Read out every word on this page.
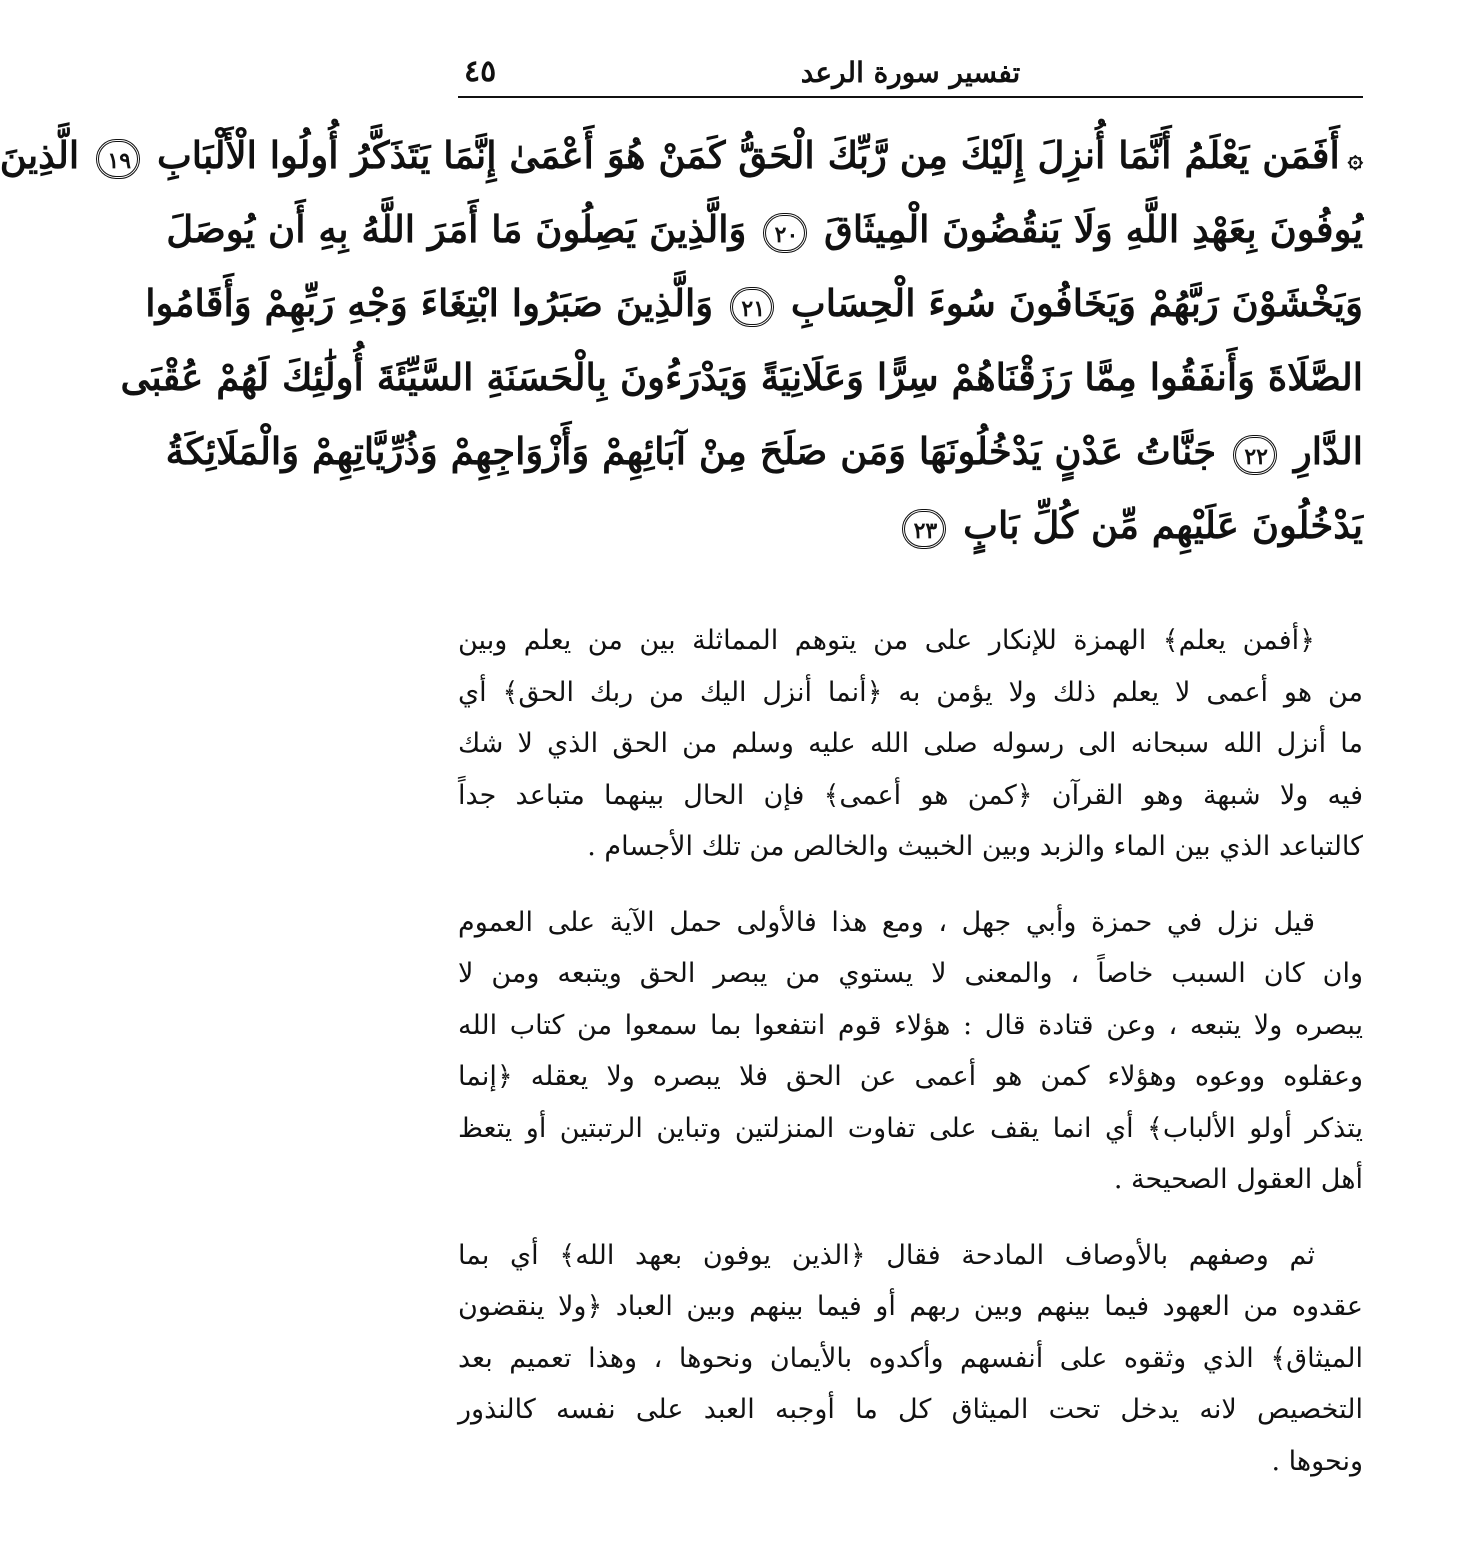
تفسير سورة الرعد
٤٥
۞أَفَمَن يَعْلَمُ أَنَّمَا أُنزِلَ إِلَيْكَ مِن رَّبِّكَ الْحَقُّ كَمَنْ هُوَ أَعْمَىٰ إِنَّمَا يَتَذَكَّرُ أُولُوا الْأَلْبَابِ ١٩ الَّذِينَ
يُوفُونَ بِعَهْدِ اللَّهِ وَلَا يَنقُضُونَ الْمِيثَاقَ ٢٠ وَالَّذِينَ يَصِلُونَ مَا أَمَرَ اللَّهُ بِهِ أَن يُوصَلَ
وَيَخْشَوْنَ رَبَّهُمْ وَيَخَافُونَ سُوءَ الْحِسَابِ ٢١ وَالَّذِينَ صَبَرُوا ابْتِغَاءَ وَجْهِ رَبِّهِمْ وَأَقَامُوا
الصَّلَاةَ وَأَنفَقُوا مِمَّا رَزَقْنَاهُمْ سِرًّا وَعَلَانِيَةً وَيَدْرَءُونَ بِالْحَسَنَةِ السَّيِّئَةَ أُولَٰئِكَ لَهُمْ عُقْبَى
الدَّارِ ٢٢ جَنَّاتُ عَدْنٍ يَدْخُلُونَهَا وَمَن صَلَحَ مِنْ آبَائِهِمْ وَأَزْوَاجِهِمْ وَذُرِّيَّاتِهِمْ وَالْمَلَائِكَةُ
يَدْخُلُونَ عَلَيْهِم مِّن كُلِّ بَابٍ ٢٣
﴿أفمن يعلم﴾ الهمزة للإنكار على من يتوهم المماثلة بين من يعلم وبين
من هو أعمى لا يعلم ذلك ولا يؤمن به ﴿أنما أنزل اليك من ربك الحق﴾ أي
ما أنزل الله سبحانه الى رسوله صلى الله عليه وسلم من الحق الذي لا شك
فيه ولا شبهة وهو القرآن ﴿كمن هو أعمى﴾ فإن الحال بينهما متباعد جداً
كالتباعد الذي بين الماء والزبد وبين الخبيث والخالص من تلك الأجسام .
قيل نزل في حمزة وأبي جهل ، ومع هذا فالأولى حمل الآية على العموم
وان كان السبب خاصاً ، والمعنى لا يستوي من يبصر الحق ويتبعه ومن لا
يبصره ولا يتبعه ، وعن قتادة قال : هؤلاء قوم انتفعوا بما سمعوا من كتاب الله
وعقلوه ووعوه وهؤلاء كمن هو أعمى عن الحق فلا يبصره ولا يعقله ﴿إنما
يتذكر أولو الألباب﴾ أي انما يقف على تفاوت المنزلتين وتباين الرتبتين أو يتعظ
أهل العقول الصحيحة .
ثم وصفهم بالأوصاف المادحة فقال ﴿الذين يوفون بعهد الله﴾ أي بما
عقدوه من العهود فيما بينهم وبين ربهم أو فيما بينهم وبين العباد ﴿ولا ينقضون
الميثاق﴾ الذي وثقوه على أنفسهم وأكدوه بالأيمان ونحوها ، وهذا تعميم بعد
التخصيص لانه يدخل تحت الميثاق كل ما أوجبه العبد على نفسه كالنذور
ونحوها .
